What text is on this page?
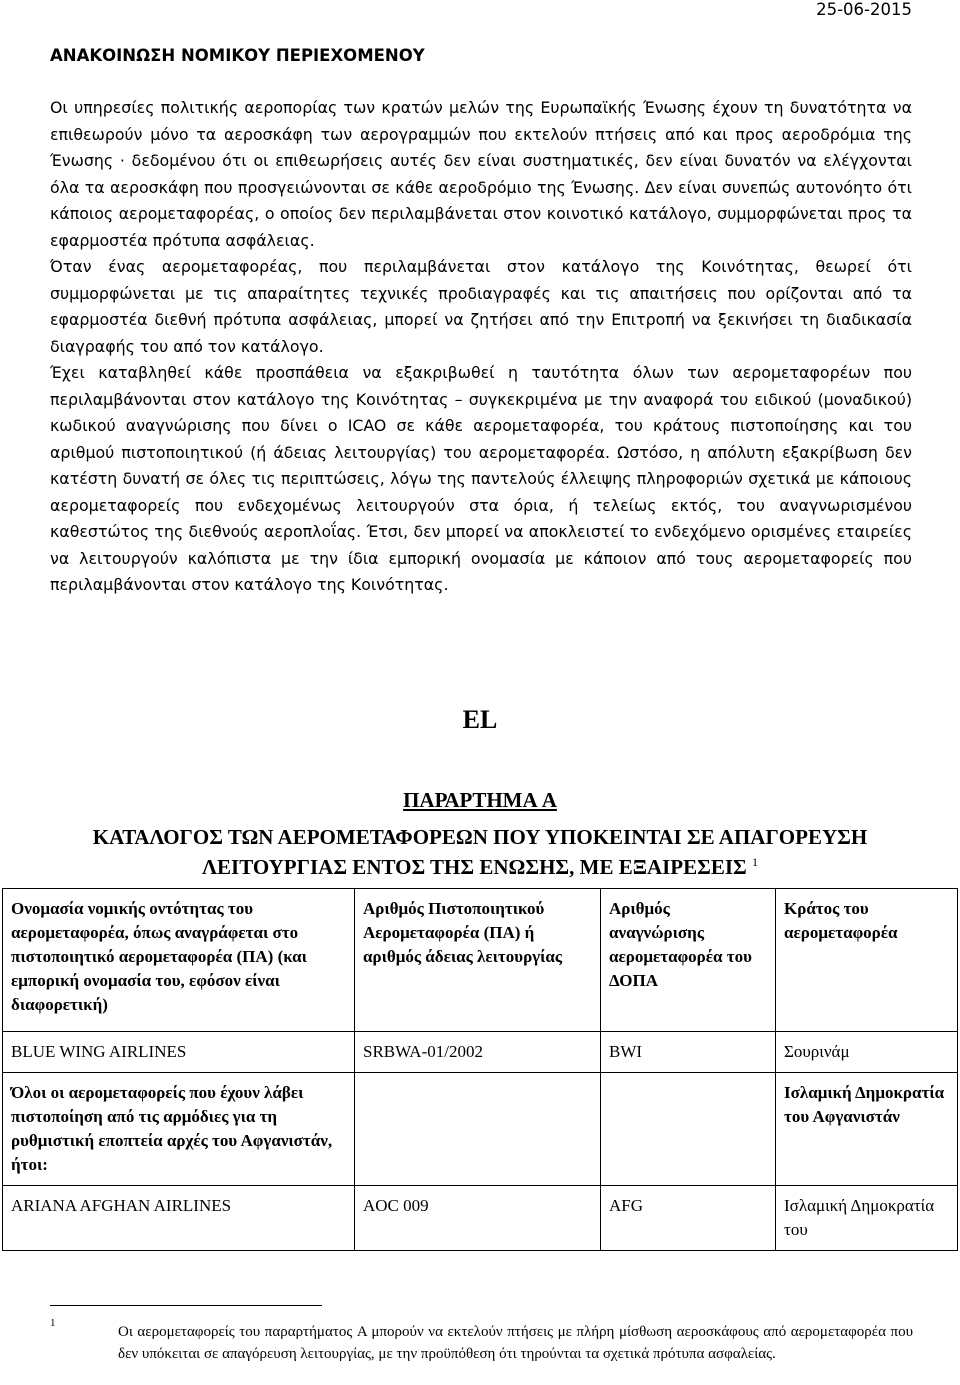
25-06-2015
ΑΝΑΚΟΙΝΩΣΗ ΝΟΜΙΚΟΥ ΠΕΡΙΕΧΟΜΕΝΟΥ

Οι υπηρεσίες πολιτικής αεροπορίας των κρατών μελών της Ευρωπαϊκής Ένωσης έχουν τη δυνατότητα να επιθεωρούν μόνο τα αεροσκάφη των αερογραμμών που εκτελούν πτήσεις από και προς αεροδρόμια της Ένωσης · δεδομένου ότι οι επιθεωρήσεις αυτές δεν είναι συστηματικές, δεν είναι δυνατόν να ελέγχονται όλα τα αεροσκάφη που προσγειώνονται σε κάθε αεροδρόμιο της Ένωσης. Δεν είναι συνεπώς αυτονόητο ότι κάποιος αερομεταφορέας, ο οποίος δεν περιλαμβάνεται στον κοινοτικό κατάλογο, συμμορφώνεται προς τα εφαρμοστέα πρότυπα ασφάλειας.

Όταν ένας αερομεταφορέας, που περιλαμβάνεται στον κατάλογο της Κοινότητας, θεωρεί ότι συμμορφώνεται με τις απαραίτητες τεχνικές προδιαγραφές και τις απαιτήσεις που ορίζονται από τα εφαρμοστέα διεθνή πρότυπα ασφάλειας, μπορεί να ζητήσει από την Επιτροπή να ξεκινήσει τη διαδικασία διαγραφής του από τον κατάλογο.

Έχει καταβληθεί κάθε προσπάθεια να εξακριβωθεί η ταυτότητα όλων των αερομεταφορέων που περιλαμβάνονται στον κατάλογο της Κοινότητας – συγκεκριμένα με την αναφορά του ειδικού (μοναδικού) κωδικού αναγνώρισης που δίνει ο ICAO σε κάθε αερομεταφορέα, του κράτους πιστοποίησης και του αριθμού πιστοποιητικού (ή άδειας λειτουργίας) του αερομεταφορέα. Ωστόσο, η απόλυτη εξακρίβωση δεν κατέστη δυνατή σε όλες τις περιπτώσεις, λόγω της παντελούς έλλειψης πληροφοριών σχετικά με κάποιους αερομεταφορείς που ενδεχομένως λειτουργούν στα όρια, ή τελείως εκτός, του αναγνωρισμένου καθεστώτος της διεθνούς αεροπλοΐας. Έτσι, δεν μπορεί να αποκλειστεί το ενδεχόμενο ορισμένες εταιρείες να λειτουργούν καλόπιστα με την ίδια εμπορική ονομασία με κάποιον από τους αερομεταφορείς που περιλαμβάνονται στον κατάλογο της Κοινότητας.

EL
ΠΑΡΑΡΤΗΜΑ A
ΚΑΤΑΛΟΓΟΣ ΤΩΝ ΑΕΡΟΜΕΤΑΦΟΡΕΩΝ ΠΟΥ ΥΠΟΚΕΙΝΤΑΙ ΣΕ ΑΠΑΓΟΡΕΥΣΗ
ΛΕΙΤΟΥΡΓΙΑΣ ΕΝΤΟΣ ΤΗΣ ΕΝΩΣΗΣ, ΜΕ ΕΞΑΙΡΕΣΕΙΣ $^1$
Ονομασία νομικής οντότητας του αερομεταφορέα, όπως αναγράφεται στο πιστοποιητικό αερομεταφορέα (ΠΑ) (και εμπορική ονομασία του, εφόσον είναι διαφορετική)	Αριθμός Πιστοποιητικού Αερομεταφορέα (ΠΑ) ή αριθμός άδειας λειτουργίας	Αριθμός αναγνώρισης αερομεταφορέα του ΔΟΠΑ	Κράτος του αερομεταφορέα
BLUE WING AIRLINES	SRBWA-01/2002	BWI	Σουρινάμ
Όλοι οι αερομεταφορείς που έχουν λάβει πιστοποίηση από τις αρμόδιες για τη ρυθμιστική εποπτεία αρχές του Αφγανιστάν, ήτοι:			Ισλαμική Δημοκρατία του Αφγανιστάν
ARIANA AFGHAN AIRLINES	AOC 009	AFG	Ισλαμική Δημοκρατία του
1
Οι αερομεταφορείς του παραρτήματος A μπορούν να εκτελούν πτήσεις με πλήρη μίσθωση αεροσκάφους από αερομεταφορέα που δεν υπόκειται σε απαγόρευση λειτουργίας, με την προϋπόθεση ότι τηρούνται τα σχετικά πρότυπα ασφαλείας.
